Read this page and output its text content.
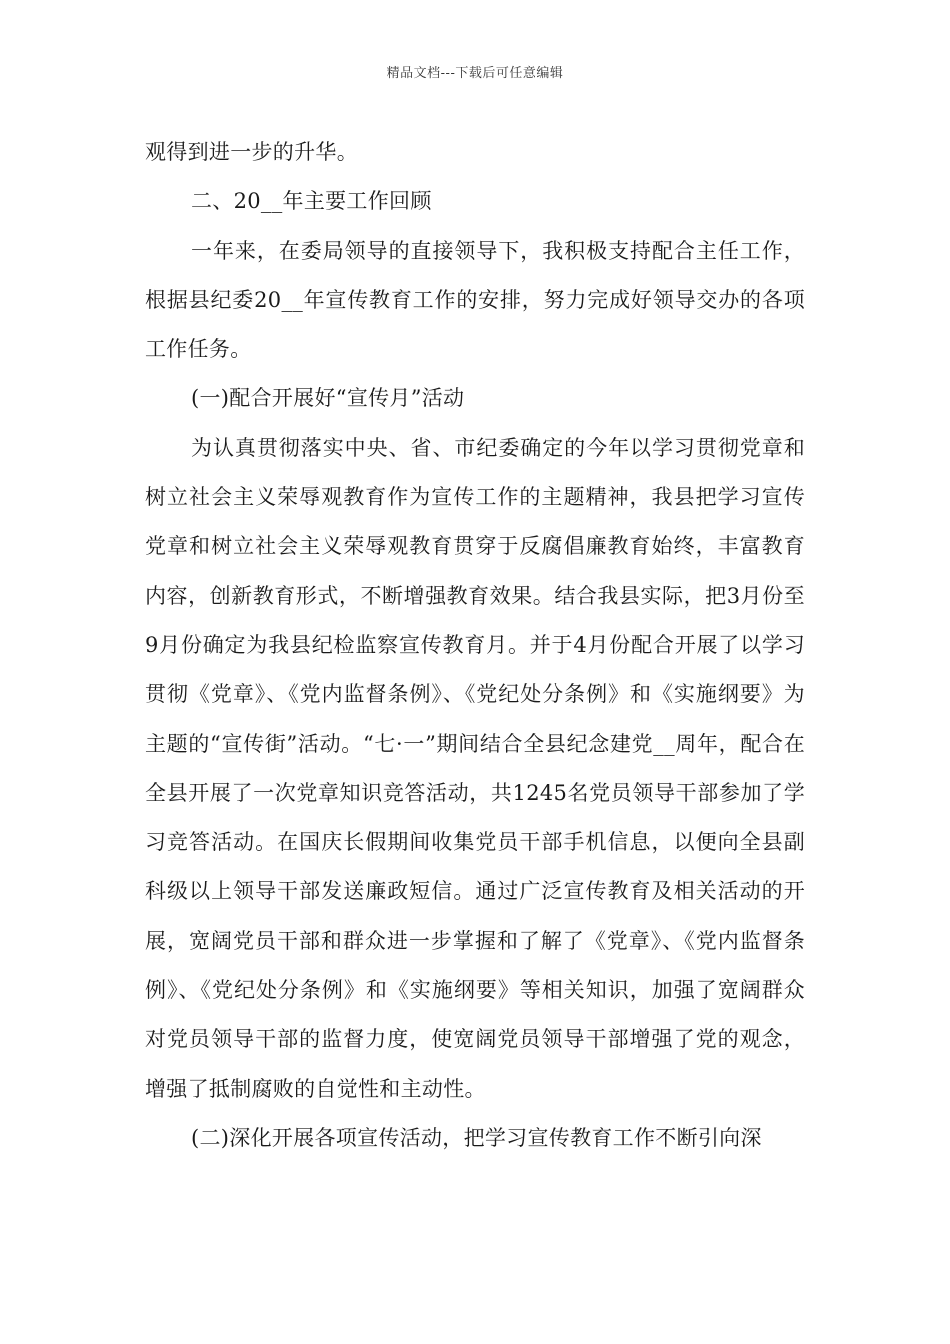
精品文档---下载后可任意编辑

观得到进一步的升华。

二、20__年主要工作回顾

一年来，在委局领导的直接领导下，我积极支持配合主任工作，根据县纪委20__年宣传教育工作的安排，努力完成好领导交办的各项工作任务。

(一)配合开展好“宣传月”活动

为认真贯彻落实中央、省、市纪委确定的今年以学习贯彻党章和树立社会主义荣辱观教育作为宣传工作的主题精神，我县把学习宣传党章和树立社会主义荣辱观教育贯穿于反腐倡廉教育始终，丰富教育内容，创新教育形式，不断增强教育效果。结合我县实际，把3月份至9月份确定为我县纪检监察宣传教育月。并于4月份配合开展了以学习贯彻《党章》、《党内监督条例》、《党纪处分条例》和《实施纲要》为主题的“宣传街”活动。“七·一”期间结合全县纪念建党__周年，配合在全县开展了一次党章知识竞答活动，共1245名党员领导干部参加了学习竞答活动。在国庆长假期间收集党员干部手机信息，以便向全县副科级以上领导干部发送廉政短信。通过广泛宣传教育及相关活动的开展，宽阔党员干部和群众进一步掌握和了解了《党章》、《党内监督条例》、《党纪处分条例》和《实施纲要》等相关知识，加强了宽阔群众对党员领导干部的监督力度，使宽阔党员领导干部增强了党的观念，增强了抵制腐败的自觉性和主动性。

(二)深化开展各项宣传活动，把学习宣传教育工作不断引向深
